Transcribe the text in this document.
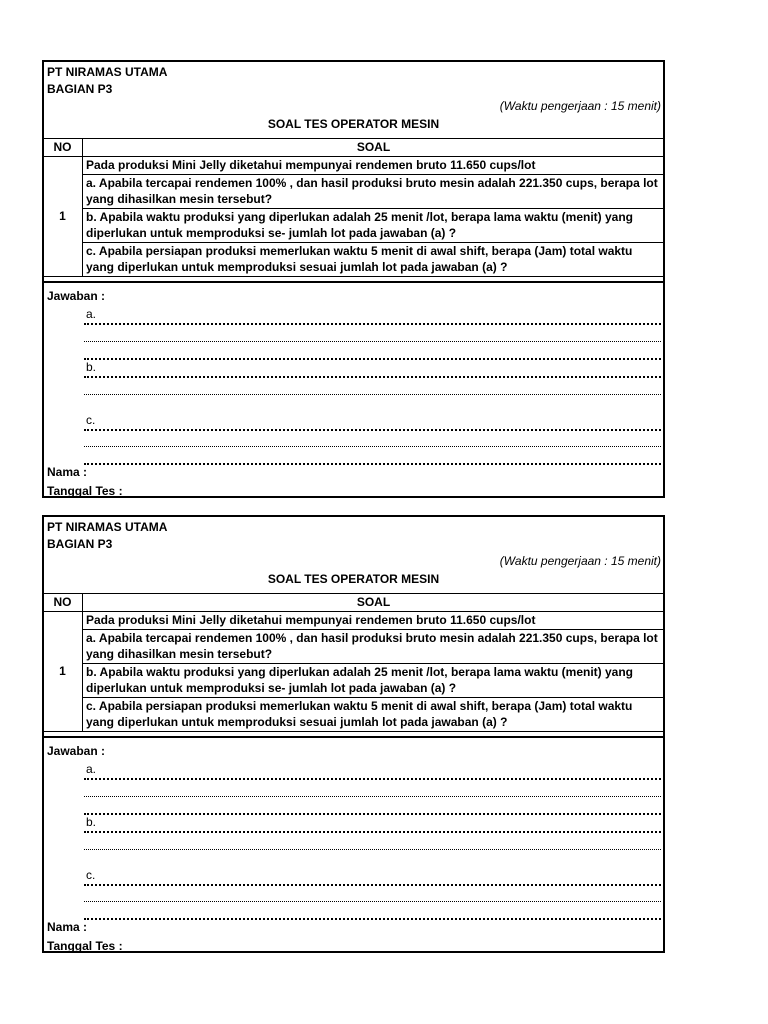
PT NIRAMAS UTAMA
BAGIAN P3
(Waktu pengerjaan : 15 menit)
SOAL TES OPERATOR MESIN
NO	SOAL
1	Pada produksi Mini Jelly diketahui mempunyai rendemen bruto 11.650 cups/lot
	a. Apabila tercapai rendemen 100% , dan hasil produksi bruto mesin adalah 221.350 cups, berapa lot yang dihasilkan mesin tersebut?
	b. Apabila waktu produksi yang diperlukan adalah 25 menit /lot, berapa lama waktu (menit) yang diperlukan untuk memproduksi se- jumlah lot pada jawaban (a) ?
	c. Apabila persiapan produksi memerlukan waktu 5 menit di awal shift, berapa (Jam) total waktu yang diperlukan untuk memproduksi sesuai jumlah lot pada jawaban (a) ?
Jawaban :
a.
b.
c.
Nama :
Tanggal Tes :
PT NIRAMAS UTAMA
BAGIAN P3
(Waktu pengerjaan : 15 menit)
SOAL TES OPERATOR MESIN
NO	SOAL
1	Pada produksi Mini Jelly diketahui mempunyai rendemen bruto 11.650 cups/lot
	a. Apabila tercapai rendemen 100% , dan hasil produksi bruto mesin adalah 221.350 cups, berapa lot yang dihasilkan mesin tersebut?
	b. Apabila waktu produksi yang diperlukan adalah 25 menit /lot, berapa lama waktu (menit) yang diperlukan untuk memproduksi se- jumlah lot pada jawaban (a) ?
	c. Apabila persiapan produksi memerlukan waktu 5 menit di awal shift, berapa (Jam) total waktu yang diperlukan untuk memproduksi sesuai jumlah lot pada jawaban (a) ?
Jawaban :
a.
b.
c.
Nama :
Tanggal Tes :
